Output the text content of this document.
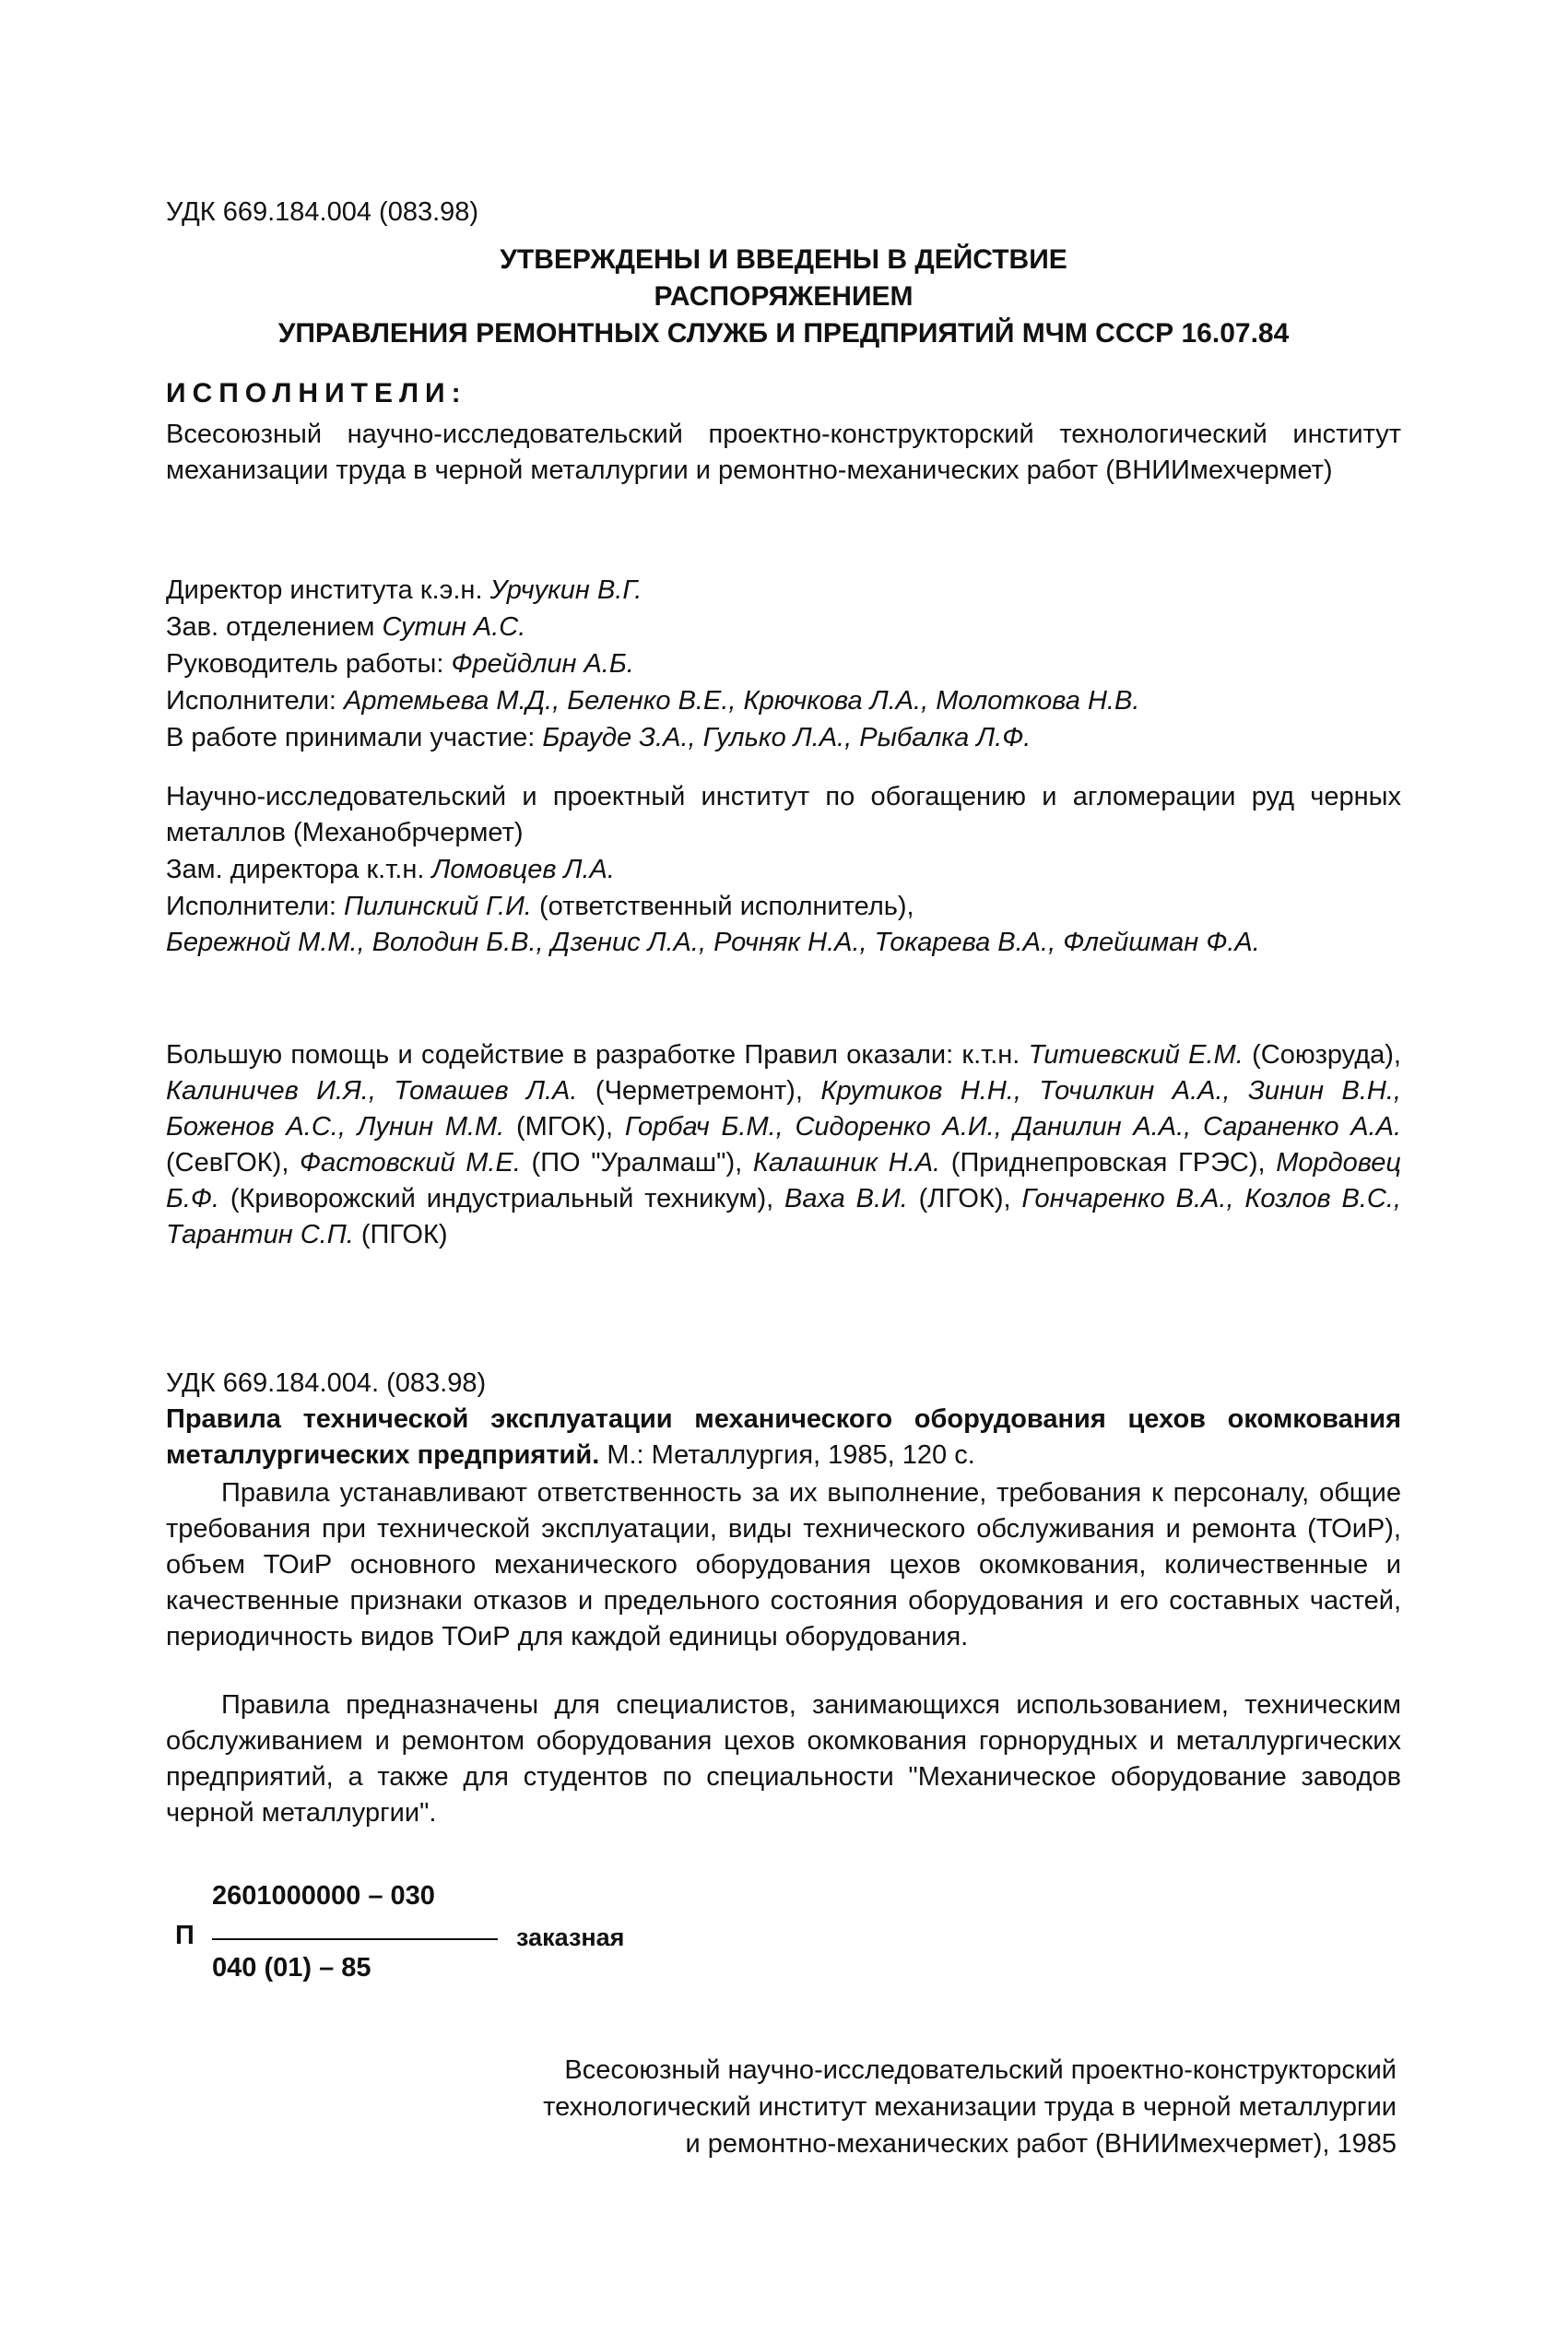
УДК 669.184.004 (083.98)
УТВЕРЖДЕНЫ И ВВЕДЕНЫ В ДЕЙСТВИЕ
РАСПОРЯЖЕНИЕМ
УПРАВЛЕНИЯ РЕМОНТНЫХ СЛУЖБ И ПРЕДПРИЯТИЙ МЧМ СССР 16.07.84
ИСПОЛНИТЕЛИ:
Всесоюзный научно-исследовательский проектно-конструкторский технологический институт механизации труда в черной металлургии и ремонтно-механических работ (ВНИИмехчермет)
Директор института к.э.н. Урчукин В.Г.
Зав. отделением Сутин А.С.
Руководитель работы: Фрейдлин А.Б.
Исполнители: Артемьева М.Д., Беленко В.Е., Крючкова Л.А., Молоткова Н.В.
В работе принимали участие: Брауде З.А., Гулько Л.А., Рыбалка Л.Ф.
Научно-исследовательский и проектный институт по обогащению и агломерации руд черных металлов (Механобрчермет)
Зам. директора к.т.н. Ломовцев Л.А.
Исполнители: Пилинский Г.И. (ответственный исполнитель),
Бережной М.М., Володин Б.В., Дзенис Л.А., Рочняк Н.А., Токарева В.А., Флейшман Ф.А.
Большую помощь и содействие в разработке Правил оказали: к.т.н. Титиевский Е.М. (Союзруда), Калиничев И.Я., Томашев Л.А. (Черметремонт), Крутиков Н.Н., Точилкин А.А., Зинин В.Н., Боженов А.С., Лунин М.М. (МГОК), Горбач Б.М., Сидоренко А.И., Данилин А.А., Сараненко А.А. (СевГОК), Фастовский М.Е. (ПО "Уралмаш"), Калашник Н.А. (Приднепровская ГРЭС), Мордовец Б.Ф. (Криворожский индустриальный техникум), Ваха В.И. (ЛГОК), Гончаренко В.А., Козлов В.С., Тарантин С.П. (ПГОК)
УДК 669.184.004. (083.98)
Правила технической эксплуатации механического оборудования цехов окомкования металлургических предприятий. М.: Металлургия, 1985, 120 с.
Правила устанавливают ответственность за их выполнение, требования к персоналу, общие требования при технической эксплуатации, виды технического обслуживания и ремонта (ТОиР), объем ТОиР основного механического оборудования цехов окомкования, количественные и качественные признаки отказов и предельного состояния оборудования и его составных частей, периодичность видов ТОиР для каждой единицы оборудования.
Правила предназначены для специалистов, занимающихся использованием, техническим обслуживанием и ремонтом оборудования цехов окомкования горнорудных и металлургических предприятий, а также для студентов по специальности "Механическое оборудование заводов черной металлургии".
П
2601000000 – 030
040 (01) – 85
заказная
Всесоюзный научно-исследовательский проектно-конструкторский
технологический институт механизации труда в черной металлургии
и ремонтно-механических работ (ВНИИмехчермет), 1985
